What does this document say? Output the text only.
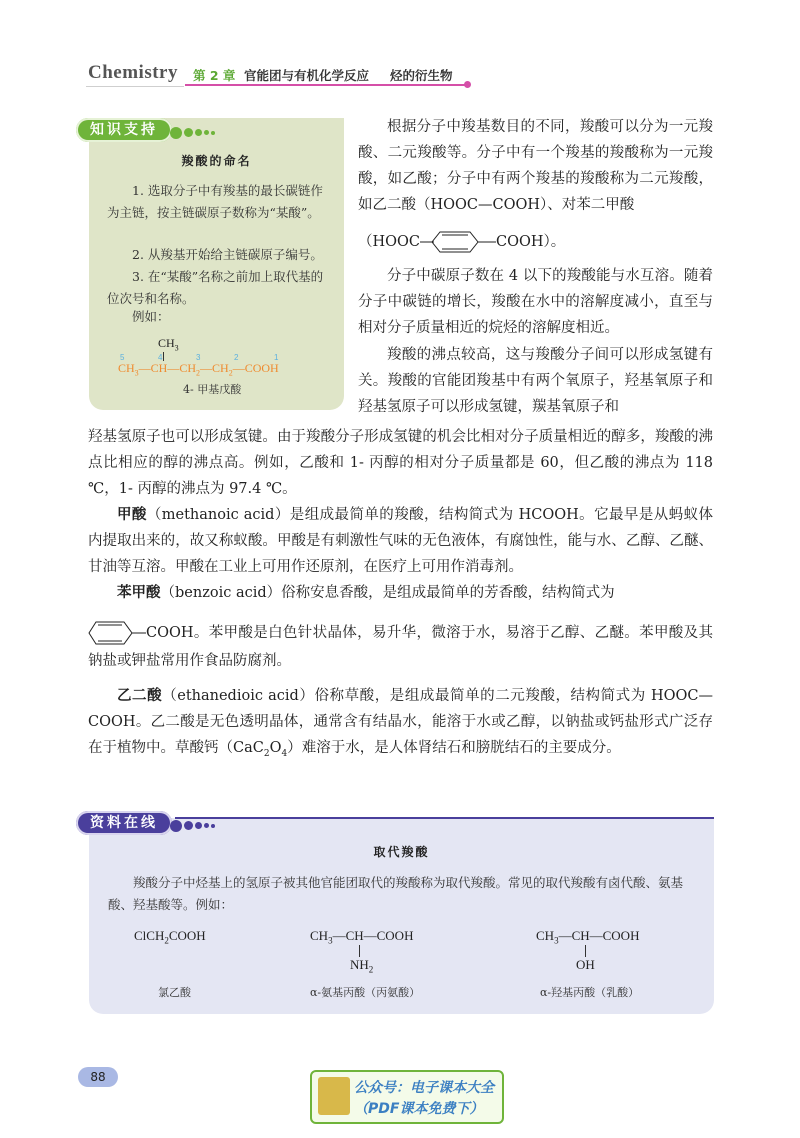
Chemistry 第 2 章 官能团与有机化学反应 烃的衍生物
知识支持
羧酸的命名
1. 选取分子中有羧基的最长碳链作为主链，按主链碳原子数称为“某酸”。
2. 从羧基开始给主链碳原子编号。
3. 在“某酸”名称之前加上取代基的位次号和名称。
例如：
$CH_3$
5	4	3	2	1
$CH_3—CH—CH_2—CH_2—COOH$
4- 甲基戊酸
根据分子中羧基数目的不同，羧酸可以分为一元羧酸、二元羧酸等。分子中有一个羧基的羧酸称为一元羧酸，如乙酸；分子中有两个羧基的羧酸称为二元羧酸，如乙二酸（HOOC—COOH）、对苯二甲酸
（HOOC	COOH）。
分子中碳原子数在 4 以下的羧酸能与水互溶。随着分子中碳链的增长，羧酸在水中的溶解度减小，直至与相对分子质量相近的烷烃的溶解度相近。
羧酸的沸点较高，这与羧酸分子间可以形成氢键有关。羧酸的官能团羧基中有两个氧原子，羟基氧原子和羟基氢原子可以形成氢键，羰基氧原子和
羟基氢原子也可以形成氢键。由于羧酸分子形成氢键的机会比相对分子质量相近的醇多，羧酸的沸点比相应的醇的沸点高。例如，乙酸和 1- 丙醇的相对分子质量都是 60，但乙酸的沸点为 118 ℃，1- 丙醇的沸点为 97.4 ℃。
甲酸（methanoic acid）是组成最简单的羧酸，结构简式为 HCOOH。它最早是从蚂蚁体内提取出来的，故又称蚁酸。甲酸是有刺激性气味的无色液体，有腐蚀性，能与水、乙醇、乙醚、甘油等互溶。甲酸在工业上可用作还原剂，在医疗上可用作消毒剂。
苯甲酸（benzoic acid）俗称安息香酸，是组成最简单的芳香酸，结构简式为
COOH。苯甲酸是白色针状晶体，易升华，微溶于水，易溶于乙醇、乙醚。苯甲酸及其钠盐或钾盐常用作食品防腐剂。
乙二酸（ethanedioic acid）俗称草酸，是组成最简单的二元羧酸，结构简式为 HOOC—COOH。乙二酸是无色透明晶体，通常含有结晶水，能溶于水或乙醇，以钠盐或钙盐形式广泛存在于植物中。草酸钙$(CaC_2O_4)$难溶于水，是人体肾结石和膀胱结石的主要成分。
资料在线
取代羧酸
羧酸分子中烃基上的氢原子被其他官能团取代的羧酸称为取代羧酸。常见的取代羧酸有卤代酸、氨基酸、羟基酸等。例如：
ClCH$_2$COOH
氯乙酸
$CH_3—CH—COOH$
$NH_2$
α-氨基丙酸（丙氨酸）
$CH_3—CH—COOH$
OH
α-羟基丙酸（乳酸）
88
公众号：电子课本大全
（PDF课本免费下）
